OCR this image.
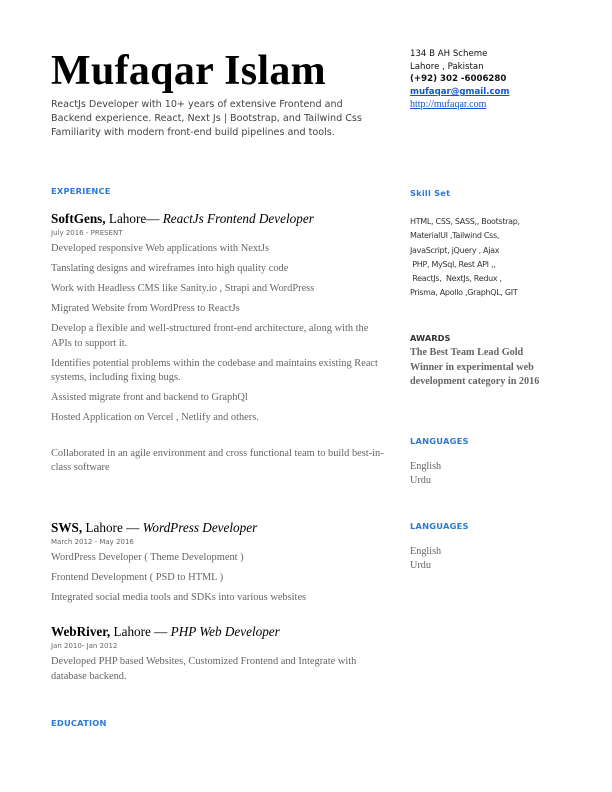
Mufaqar Islam
ReactJs Developer with 10+ years of extensive Frontend and Backend experience. React, Next Js | Bootstrap, and Tailwind Css Familiarity with modern front-end build pipelines and tools.
134 B AH Scheme
Lahore , Pakistan
(+92) 302 -6006280
mufaqar@gmail.com
http://mufaqar.com
EXPERIENCE
SoftGens, Lahore— ReactJs Frontend Developer
July 2016 - PRESENT
Developed responsive Web applications with NextJs
Tanslating designs and wireframes into high quality code
Work with Headless CMS like Sanity.io , Strapi and WordPress
Migrated Website from WordPress to ReactJs
Develop a flexible and well-structured front-end architecture, along with the APIs to support it.
Identifies potential problems within the codebase and maintains existing React systems, including fixing bugs.
Assisted migrate front and backend to GraphQl
Hosted Application on Vercel , Netlify and others.
Collaborated in an agile environment and cross functional team to build best-in-class software
SWS, Lahore — WordPress Developer
March 2012 - May 2016
WordPress Developer ( Theme Development )
Frontend Development ( PSD to HTML )
Integrated social media tools and SDKs into various websites
WebRiver, Lahore — PHP Web Developer
Jan 2010- Jan 2012
Developed PHP based Websites, Customized Frontend and Integrate with database backend.
EDUCATION
Skill Set
HTML, CSS, SASS,, Bootstrap,
MaterialUI ,Tailwind Css,
JavaScript, jQuery , Ajax
PHP, MySql, Rest API ,,
ReactJs,  NextJs, Redux ,
Prisma, Apollo ,GraphQL, GIT
AWARDS
The Best Team Lead Gold Winner in experimental web development category in 2016
LANGUAGES
English
Urdu
LANGUAGES
English
Urdu
